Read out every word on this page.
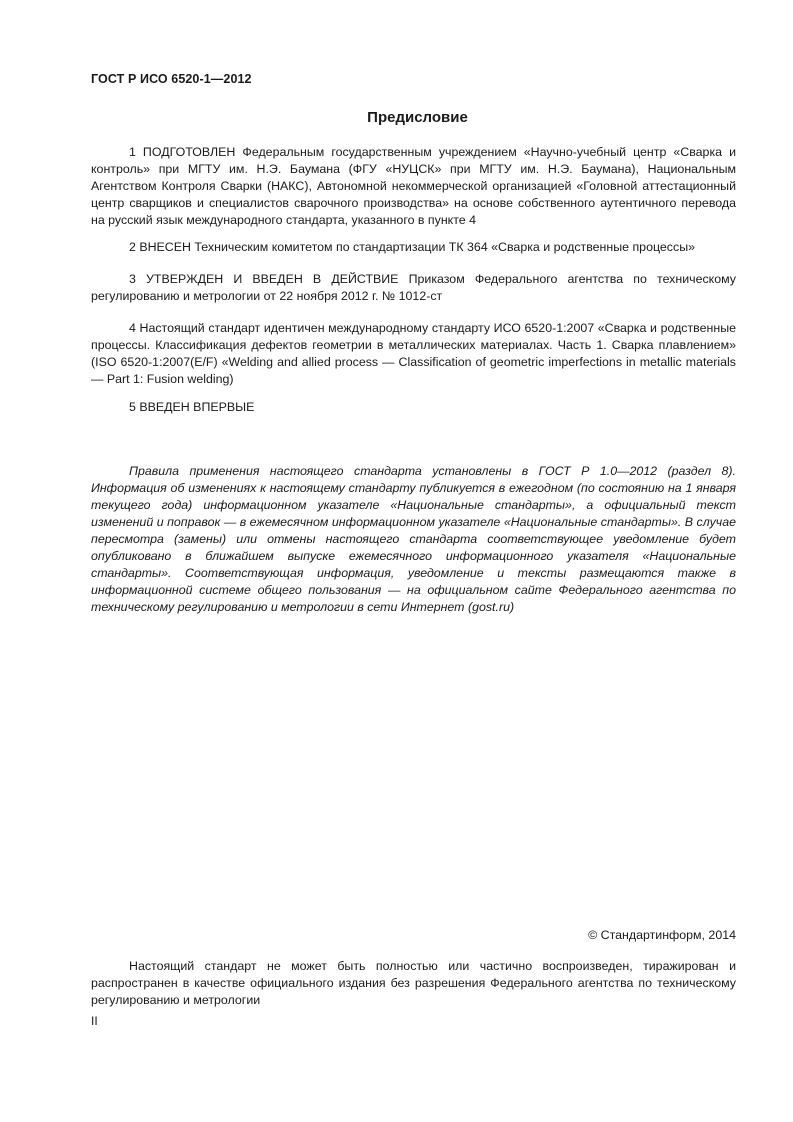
ГОСТ Р ИСО 6520-1—2012
Предисловие

1 ПОДГОТОВЛЕН Федеральным государственным учреждением «Научно-учебный центр «Сварка и контроль» при МГТУ им. Н.Э. Баумана (ФГУ «НУЦСК» при МГТУ им. Н.Э. Баумана), Национальным Агентством Контроля Сварки (НАКС), Автономной некоммерческой организацией «Головной аттестационный центр сварщиков и специалистов сварочного производства» на основе собственного аутентичного перевода на русский язык международного стандарта, указанного в пункте 4

2 ВНЕСЕН Техническим комитетом по стандартизации ТК 364 «Сварка и родственные процессы»

3 УТВЕРЖДЕН И ВВЕДЕН В ДЕЙСТВИЕ Приказом Федерального агентства по техническому регулированию и метрологии от 22 ноября 2012 г. № 1012-ст

4 Настоящий стандарт идентичен международному стандарту ИСО 6520-1:2007 «Сварка и родственные процессы. Классификация дефектов геометрии в металлических материалах. Часть 1. Сварка плавлением» (ISO 6520-1:2007(E/F) «Welding and allied process — Classification of geometric imperfections in metallic materials — Part 1: Fusion welding)

5 ВВЕДЕН ВПЕРВЫЕ

Правила применения настоящего стандарта установлены в ГОСТ Р 1.0—2012 (раздел 8). Информация об изменениях к настоящему стандарту публикуется в ежегодном (по состоянию на 1 января текущего года) информационном указателе «Национальные стандарты», а официальный текст изменений и поправок — в ежемесячном информационном указателе «Национальные стандарты». В случае пересмотра (замены) или отмены настоящего стандарта соответствующее уведомление будет опубликовано в ближайшем выпуске ежемесячного информационного указателя «Национальные стандарты». Соответствующая информация, уведомление и тексты размещаются также в информационной системе общего пользования — на официальном сайте Федерального агентства по техническому регулированию и метрологии в сети Интернет (gost.ru)

© Стандартинформ, 2014

Настоящий стандарт не может быть полностью или частично воспроизведен, тиражирован и распространен в качестве официального издания без разрешения Федерального агентства по техническому регулированию и метрологии

II
